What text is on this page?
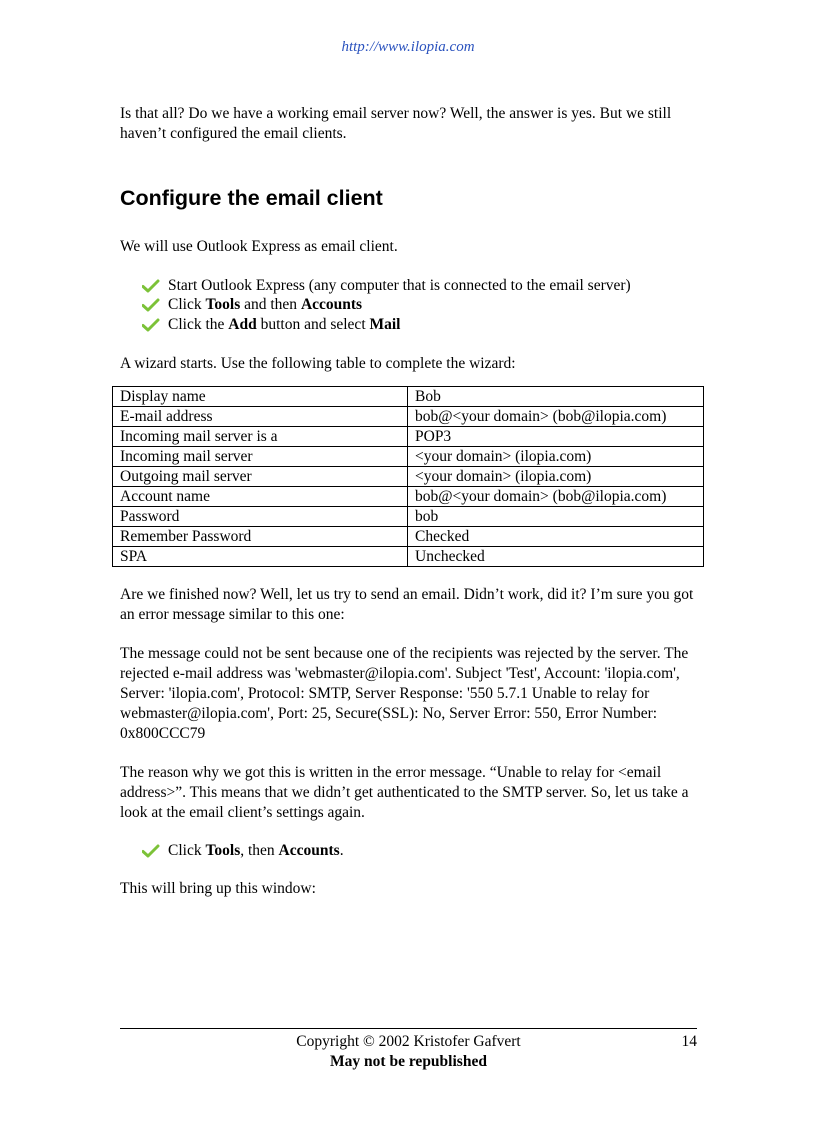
http://www.ilopia.com

Is that all? Do we have a working email server now? Well, the answer is yes. But we still haven’t configured the email clients.

Configure the email client

We will use Outlook Express as email client.

Start Outlook Express (any computer that is connected to the email server)
Click Tools and then Accounts
Click the Add button and select Mail

A wizard starts. Use the following table to complete the wizard:

Display name	Bob
E-mail address	bob@<your domain> (bob@ilopia.com)
Incoming mail server is a	POP3
Incoming mail server	<your domain> (ilopia.com)
Outgoing mail server	<your domain> (ilopia.com)
Account name	bob@<your domain> (bob@ilopia.com)
Password	bob
Remember Password	Checked
SPA	Unchecked

Are we finished now? Well, let us try to send an email. Didn’t work, did it? I’m sure you got an error message similar to this one:

The message could not be sent because one of the recipients was rejected by the server. The rejected e-mail address was 'webmaster@ilopia.com'. Subject 'Test', Account: 'ilopia.com', Server: 'ilopia.com', Protocol: SMTP, Server Response: '550 5.7.1 Unable to relay for webmaster@ilopia.com', Port: 25, Secure(SSL): No, Server Error: 550, Error Number: 0x800CCC79

The reason why we got this is written in the error message. “Unable to relay for <email address>”. This means that we didn’t get authenticated to the SMTP server. So, let us take a look at the email client’s settings again.

Click Tools, then Accounts.

This will bring up this window:

Copyright © 2002 Kristofer Gafvert	14
May not be republished
